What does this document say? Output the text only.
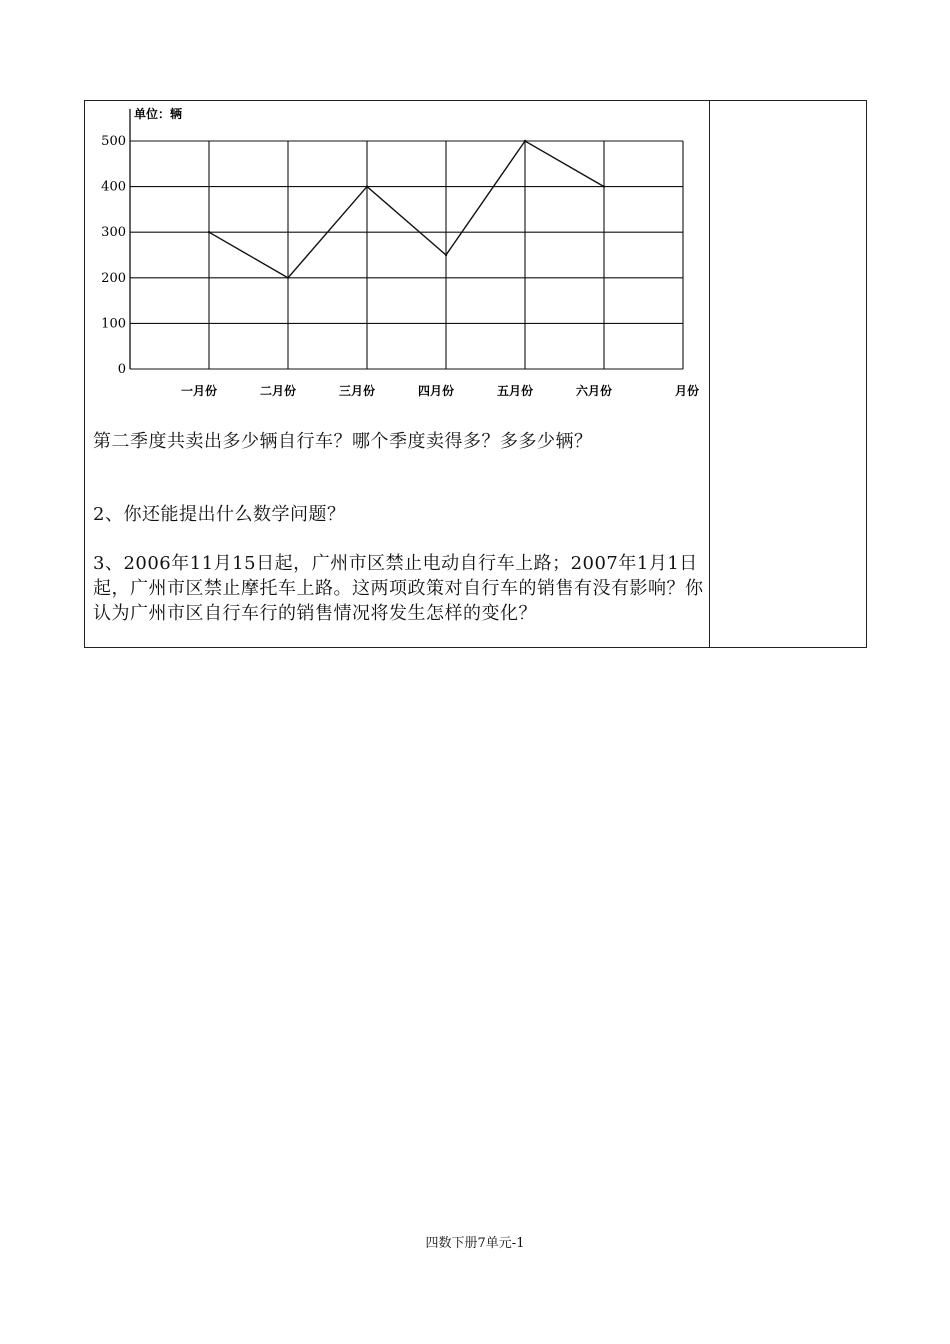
单位：辆
0
100
200
300
400
500
一月份	二月份	三月份	四月份	五月份	六月份	月份
第二季度共卖出多少辆自行车？哪个季度卖得多？多多少辆？
2、你还能提出什么数学问题？
3、2006年11月15日起，广州市区禁止电动自行车上路；2007年1月1日起，广州市区禁止摩托车上路。这两项政策对自行车的销售有没有影响？你认为广州市区自行车行的销售情况将发生怎样的变化？
四数下册7单元-1
